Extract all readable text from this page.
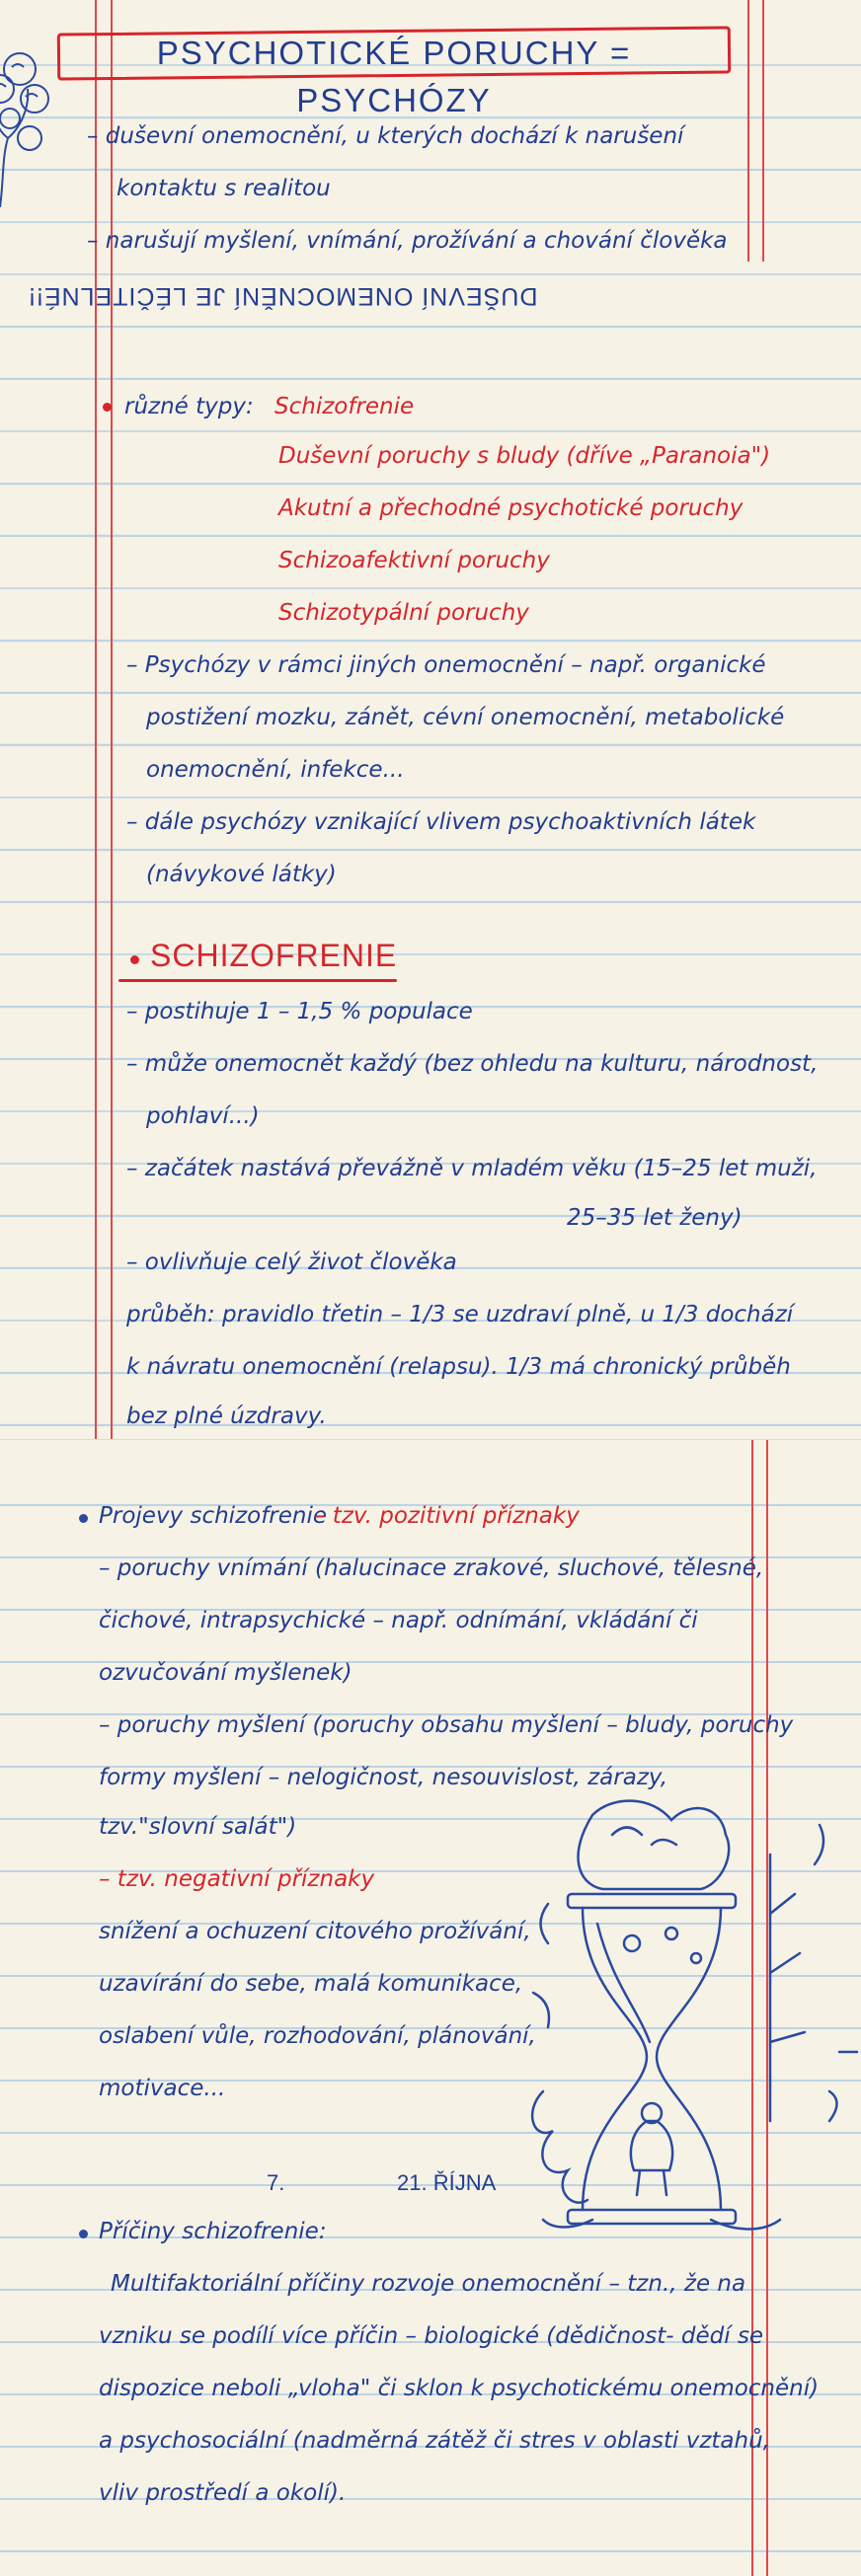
PSYCHOTICKÉ PORUCHY = PSYCHÓZY
– duševní onemocnění, u kterých dochází k narušení
kontaktu s realitou
– narušují myšlení, vnímání, prožívání a chování člověka
DUŠEVNÍ ONEMOCNĚNÍ JE LÉČITELNÉ!!
různé typy: Schizofrenie
Duševní poruchy s bludy (dříve „Paranoia")
Akutní a přechodné psychotické poruchy
Schizoafektivní poruchy
Schizotypální poruchy
– Psychózy v rámci jiných onemocnění – např. organické
postižení mozku, zánět, cévní onemocnění, metabolické
onemocnění, infekce...
– dále psychózy vznikající vlivem psychoaktivních látek
(návykové látky)
SCHIZOFRENIE
– postihuje 1 – 1,5 % populace
– může onemocnět každý (bez ohledu na kulturu, národnost,
pohlaví...)
– začátek nastává převážně v mladém věku (15–25 let muži,
25–35 let ženy)
– ovlivňuje celý život člověka
průběh: pravidlo třetin – 1/3 se uzdraví plně, u 1/3 dochází
k návratu onemocnění (relapsu). 1/3 má chronický průběh
bez plné úzdravy.
Projevy schizofrenie
– tzv. pozitivní příznaky
– poruchy vnímání (halucinace zrakové, sluchové, tělesné,
čichové, intrapsychické – např. odnímání, vkládání či
ozvučování myšlenek)
– poruchy myšlení (poruchy obsahu myšlení – bludy, poruchy
formy myšlení – nelogičnost, nesouvislost, zárazy,
tzv."slovní salát")
– tzv. negativní příznaky
snížení a ochuzení citového prožívání,
uzavírání do sebe, malá komunikace,
oslabení vůle, rozhodování, plánování,
motivace...
7.	21. ŘÍJNA
Příčiny schizofrenie:
Multifaktoriální příčiny rozvoje onemocnění – tzn., že na
vzniku se podílí více příčin – biologické (dědičnost- dědí se
dispozice neboli „vloha" či sklon k psychotickému onemocnění)
a psychosociální (nadměrná zátěž či stres v oblasti vztahů,
vliv prostředí a okolí).
